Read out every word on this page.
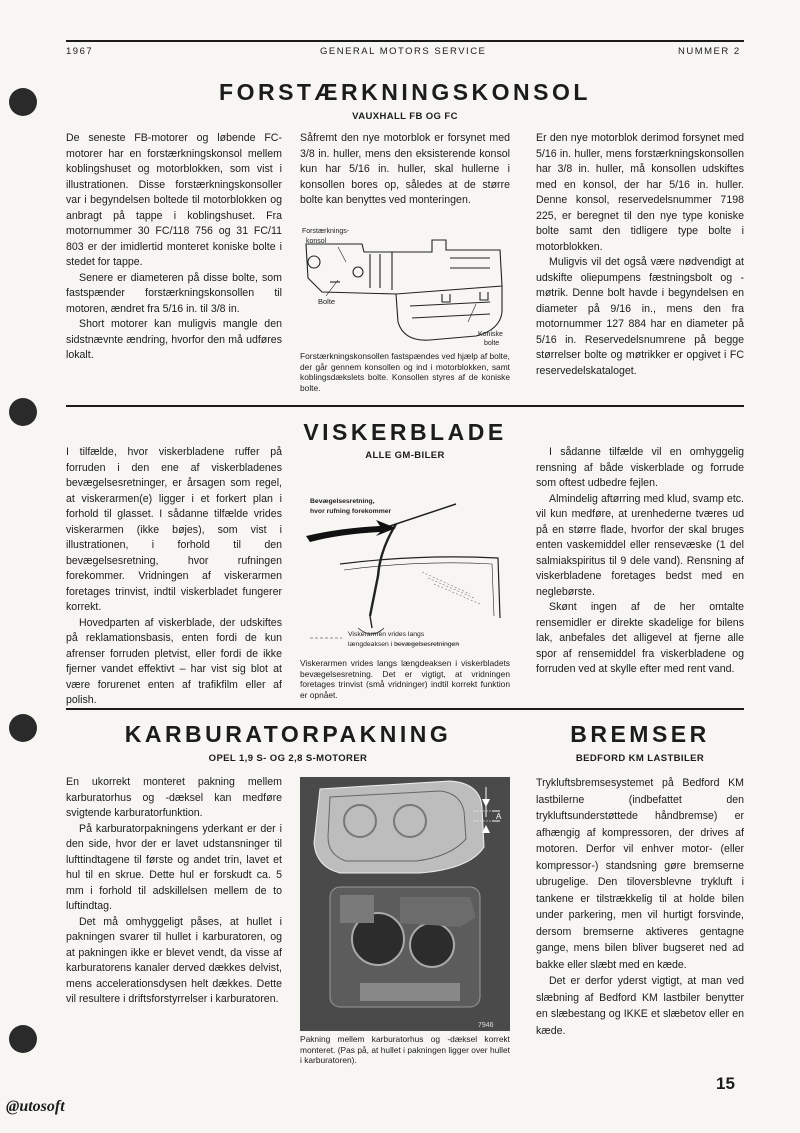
1967	GENERAL MOTORS SERVICE	NUMMER 2
FORSTÆRKNINGSKONSOL
VAUXHALL FB OG FC

De seneste FB-motorer og løbende FC-motorer har en forstærkningskonsol mellem koblingshuset og motorblokken, som vist i illustrationen. Disse forstærkningskonsoller var i begyndelsen boltede til motorblokken og anbragt på tappe i koblingshuset. Fra motornummer 30 FC/118 756 og 31 FC/11 803 er der imidlertid monteret koniske bolte i stedet for tappe.

Senere er diameteren på disse bolte, som fastspænder forstærkningskonsollen til motoren, ændret fra 5/16 in. til 3/8 in.

Short motorer kan muligvis mangle den sidstnævnte ændring, hvorfor den må udføres lokalt.

Såfremt den nye motorblok er forsynet med 3/8 in. huller, mens den eksisterende konsol kun har 5/16 in. huller, skal hullerne i konsollen bores op, således at de større bolte kan benyttes ved monteringen.

Forstærknings-
konsol
Bolte
Koniske
bolte
Forstærkningskonsollen fastspændes ved hjælp af bolte, der går gennem konsollen og ind i motorblokken, samt koblingsdækslets bolte. Konsollen styres af de koniske bolte.

Er den nye motorblok derimod forsynet med 5/16 in. huller, mens forstærkningskonsollen har 3/8 in. huller, må konsollen udskiftes med en konsol, der har 5/16 in. huller. Denne konsol, reservedelsnummer 7198 225, er beregnet til den nye type koniske bolte samt den tidligere type bolte i motorblokken.

Muligvis vil det også være nødvendigt at udskifte oliepumpens fæstningsbolt og -møtrik. Denne bolt havde i begyndelsen en diameter på 9/16 in., mens den fra motornummer 127 884 har en diameter på 5/16 in. Reservedelsnumrene på begge størrelser bolte og møtrikker er opgivet i FC reservedelskataloget.

VISKERBLADE
ALLE GM-BILER

I tilfælde, hvor viskerbladene ruffer på forruden i den ene af viskerbladenes bevægelsesretninger, er årsagen som regel, at viskerarmen(e) ligger i et forkert plan i forhold til glasset. I sådanne tilfælde vrides viskerarmen (ikke bøjes), som vist i illustrationen, i forhold til den bevægelsesretning, hvor rufningen forekommer. Vridningen af viskerarmen foretages trinvist, indtil viskerbladet fungerer korrekt.

Hovedparten af viskerblade, der udskiftes på reklamationsbasis, enten fordi de kun afrenser forruden pletvist, eller fordi de ikke fjerner vandet effektivt – har vist sig blot at være forurenet enten af trafikfilm eller af polish.

Bevægelsesretning,
hvor rufning forekommer
Viskerarmen vrides langs
længdeaksen i bevægelsesretningen
Viskerarmen vrides langs længdeaksen i viskerbladets bevægelsesretning. Det er vigtigt, at vridningen foretages trinvist (små vridninger) indtil korrekt funktion er opnået.

I sådanne tilfælde vil en omhyggelig rensning af både viskerblade og forrude som oftest udbedre fejlen.

Almindelig aftørring med klud, svamp etc. vil kun medføre, at urenhederne tværes ud på en større flade, hvorfor der skal bruges enten vaskemiddel eller rensevæske (1 del salmiakspiritus til 9 dele vand). Rensning af viskerbladene foretages bedst med en neglebørste.

Skønt ingen af de her omtalte rensemidler er direkte skadelige for bilens lak, anbefales det alligevel at fjerne alle spor af rensemiddel fra viskerbladene og forruden ved at skylle efter med rent vand.

KARBURATORPAKNING
OPEL 1,9 S- OG 2,8 S-MOTORER

En ukorrekt monteret pakning mellem karburatorhus og -dæksel kan medføre svigtende karburatorfunktion.

På karburatorpakningens yderkant er der i den side, hvor der er lavet udstansninger til lufttindtagene til første og andet trin, lavet et hul til en skrue. Dette hul er forskudt ca. 5 mm i forhold til adskillelsen mellem de to luftindtag.

Det må omhyggeligt påses, at hullet i pakningen svarer til hullet i karburatoren, og at pakningen ikke er blevet vendt, da visse af karburatorens kanaler derved dækkes delvist, mens accelerationsdysen helt dækkes. Dette vil resultere i driftsforstyrrelser i karburatoren.

A
7946
Pakning mellem karburatorhus og -dæksel korrekt monteret. (Pas på, at hullet i pakningen ligger over hullet i karburatoren).
BREMSER
BEDFORD KM LASTBILER

Trykluftsbremsesystemet på Bedford KM lastbilerne (indbefattet den trykluftsunderstøttede håndbremse) er afhængig af kompressoren, der drives af motoren. Derfor vil enhver motor- (eller kompressor-) standsning gøre bremserne ubrugelige. Den tiloversblevne trykluft i tankene er tilstrækkelig til at holde bilen under parkering, men vil hurtigt forsvinde, dersom bremserne aktiveres gentagne gange, mens bilen bliver bugseret ned ad bakke eller slæbt med en kæde.

Det er derfor yderst vigtigt, at man ved slæbning af Bedford KM lastbiler benytter en slæbestang og IKKE et slæbetov eller en kæde.

15
@utosoft
